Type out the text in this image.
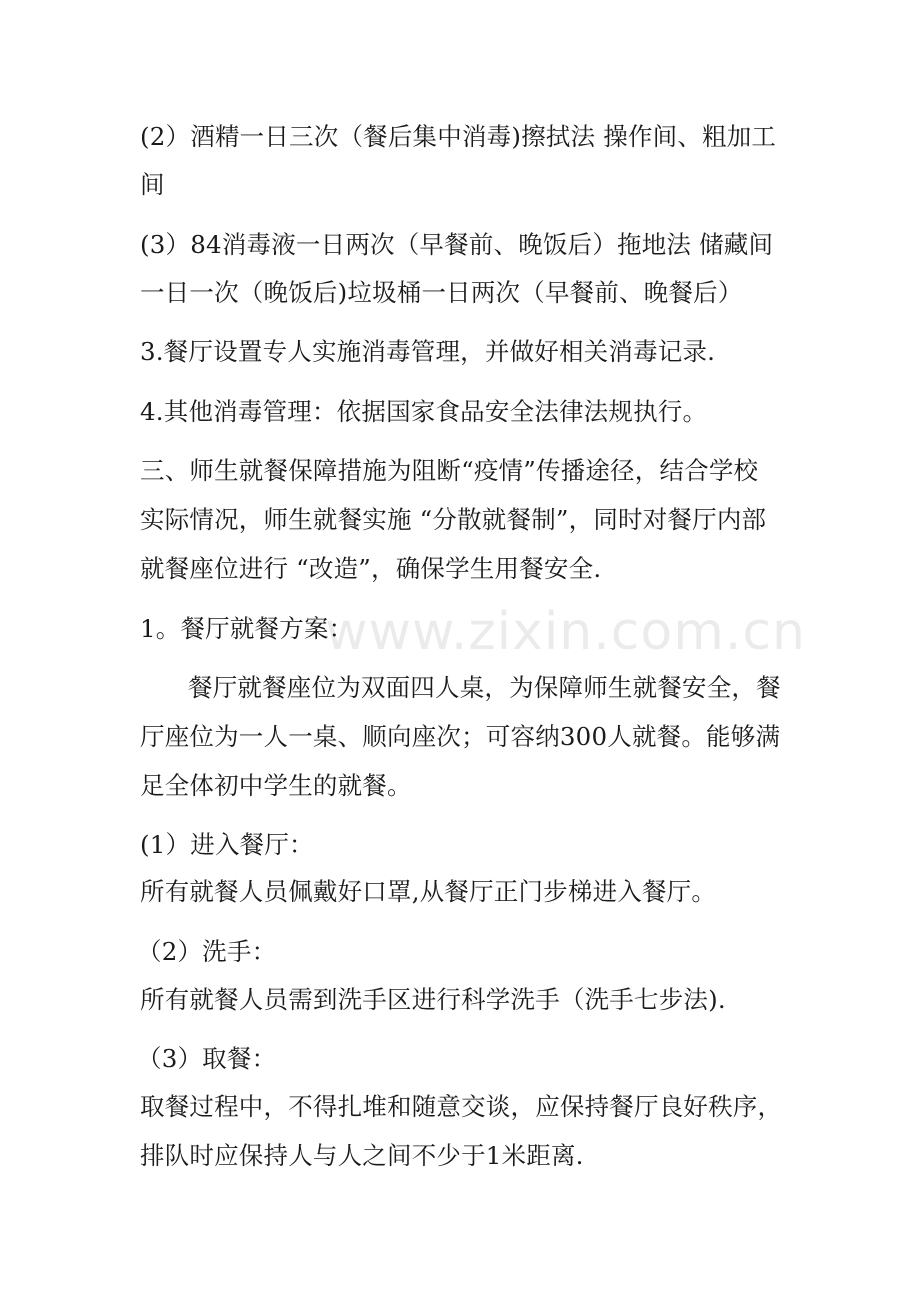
(2）酒精一日三次（餐后集中消毒)擦拭法 操作间、粗加工
间
(3）84消毒液一日两次（早餐前、晚饭后）拖地法 储藏间
一日一次（晚饭后)垃圾桶一日两次（早餐前、晚餐后）
3.餐厅设置专人实施消毒管理，并做好相关消毒记录.
4.其他消毒管理：依据国家食品安全法律法规执行。
三、师生就餐保障措施为阻断“疫情”传播途径，结合学校
实际情况，师生就餐实施 “分散就餐制”，同时对餐厅内部
就餐座位进行 “改造”，确保学生用餐安全.
1。餐厅就餐方案：
餐厅就餐座位为双面四人桌，为保障师生就餐安全，餐
厅座位为一人一桌、顺向座次；可容纳300人就餐。能够满
足全体初中学生的就餐。
(1）进入餐厅：
所有就餐人员佩戴好口罩,从餐厅正门步梯进入餐厅。
（2）洗手：
所有就餐人员需到洗手区进行科学洗手（洗手七步法).
（3）取餐：
取餐过程中，不得扎堆和随意交谈，应保持餐厅良好秩序，
排队时应保持人与人之间不少于1米距离.
www.zixin.com.cn
